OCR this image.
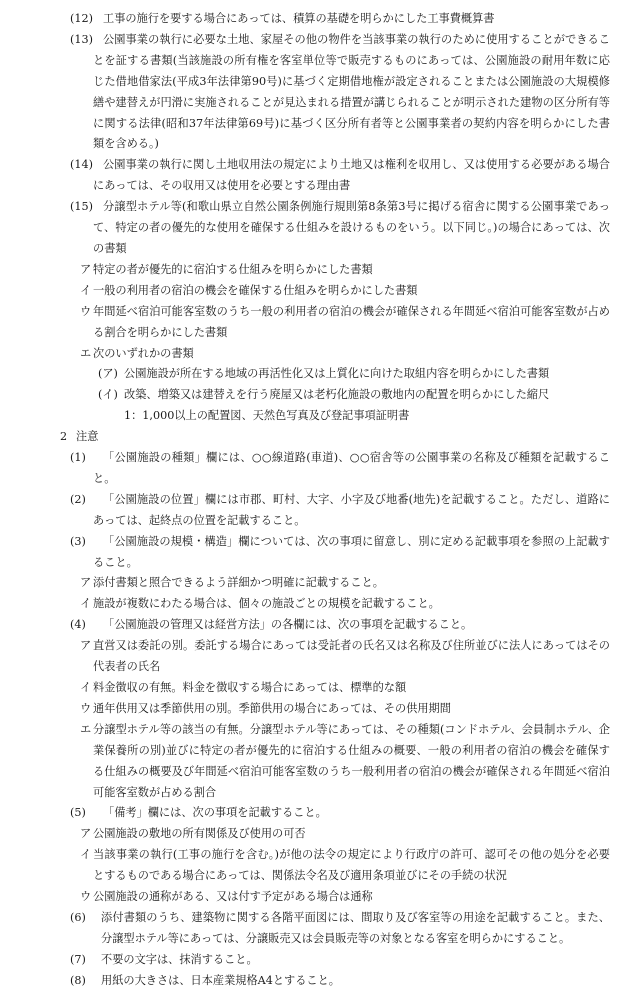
(12) 工事の施行を要する場合にあっては、積算の基礎を明らかにした工事費概算書
(13) 公園事業の執行に必要な土地、家屋その他の物件を当該事業の執行のために使用することができることを証する書類(当該施設の所有権を客室単位等で販売するものにあっては、公園施設の耐用年数に応じた借地借家法(平成3年法律第90号)に基づく定期借地権が設定されることまたは公園施設の大規模修繕や建替えが円滑に実施されることが見込まれる措置が講じられることが明示された建物の区分所有等に関する法律(昭和37年法律第69号)に基づく区分所有者等と公園事業者の契約内容を明らかにした書類を含める。)
(14) 公園事業の執行に関し土地収用法の規定により土地又は権利を収用し、又は使用する必要がある場合にあっては、その収用又は使用を必要とする理由書
(15) 分譲型ホテル等(和歌山県立自然公園条例施行規則第8条第3号に掲げる宿舎に関する公園事業であって、特定の者の優先的な使用を確保する仕組みを設けるものをいう。以下同じ。)の場合にあっては、次の書類
ア 特定の者が優先的に宿泊する仕組みを明らかにした書類
イ 一般の利用者の宿泊の機会を確保する仕組みを明らかにした書類
ウ 年間延べ宿泊可能客室数のうち一般の利用者の宿泊の機会が確保される年間延べ宿泊可能客室数が占める割合を明らかにした書類
エ 次のいずれかの書類
(ア) 公園施設が所在する地域の再活性化又は上質化に向けた取組内容を明らかにした書類
(イ) 改築、増築又は建替えを行う廃屋又は老朽化施設の敷地内の配置を明らかにした縮尺
1：1,000以上の配置図、天然色写真及び登記事項証明書
2 注意
(1)	「公園施設の種類」欄には、○○線道路(車道)、○○宿舎等の公園事業の名称及び種類を記載すること。
(2)	「公園施設の位置」欄には市郡、町村、大字、小字及び地番(地先)を記載すること。ただし、道路にあっては、起終点の位置を記載すること。
(3)	「公園施設の規模・構造」欄については、次の事項に留意し、別に定める記載事項を参照の上記載すること。
ア 添付書類と照合できるよう詳細かつ明確に記載すること。
イ 施設が複数にわたる場合は、個々の施設ごとの規模を記載すること。
(4)	「公園施設の管理又は経営方法」の各欄には、次の事項を記載すること。
ア 直営又は委託の別。委託する場合にあっては受託者の氏名又は名称及び住所並びに法人にあってはその代表者の氏名
イ 料金徴収の有無。料金を徴収する場合にあっては、標準的な額
ウ 通年供用又は季節供用の別。季節供用の場合にあっては、その供用期間
エ 分譲型ホテル等の該当の有無。分譲型ホテル等にあっては、その種類(コンドホテル、会員制ホテル、企業保養所の別)並びに特定の者が優先的に宿泊する仕組みの概要、一般の利用者の宿泊の機会を確保する仕組みの概要及び年間延べ宿泊可能客室数のうち一般利用者の宿泊の機会が確保される年間延べ宿泊可能客室数が占める割合
(5)	「備考」欄には、次の事項を記載すること。
ア 公園施設の敷地の所有関係及び使用の可否
イ 当該事業の執行(工事の施行を含む。)が他の法令の規定により行政庁の許可、認可その他の処分を必要とするものである場合にあっては、関係法令名及び適用条項並びにその手続の状況
ウ 公園施設の通称がある、又は付す予定がある場合は通称
(6)	添付書類のうち、建築物に関する各階平面図には、間取り及び客室等の用途を記載すること。また、分譲型ホテル等にあっては、分譲販売又は会員販売等の対象となる客室を明らかにすること。
(7)	不要の文字は、抹消すること。
(8)	用紙の大きさは、日本産業規格A4とすること。
